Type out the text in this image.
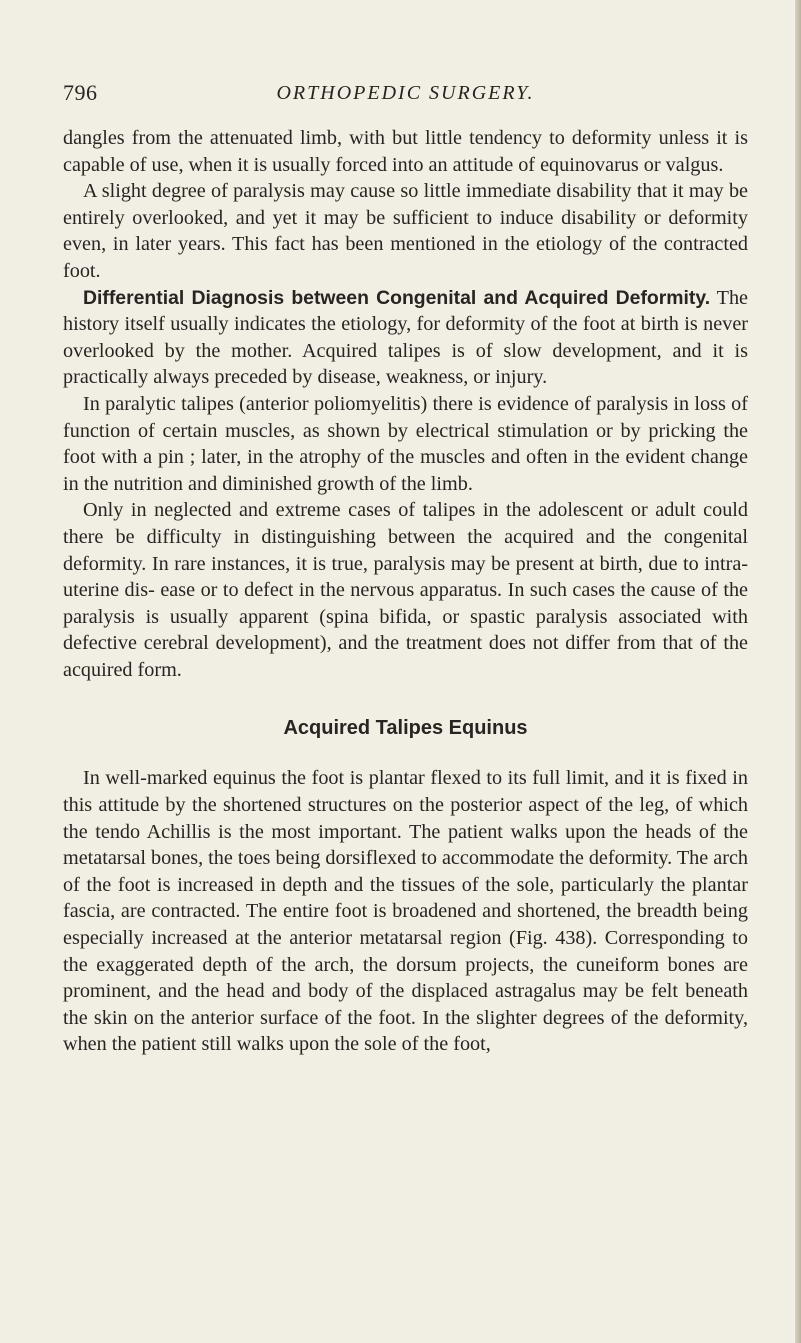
796	ORTHOPEDIC SURGERY.

dangles from the attenuated limb, with but little tendency to deformity unless it is capable of use, when it is usually forced into an attitude of equinovarus or valgus.

A slight degree of paralysis may cause so little immediate disability that it may be entirely overlooked, and yet it may be sufficient to induce disability or deformity even, in later years. This fact has been mentioned in the etiology of the contracted foot.

Differential Diagnosis between Congenital and Acquired Deformity. The history itself usually indicates the etiology, for deformity of the foot at birth is never overlooked by the mother. Acquired talipes is of slow development, and it is practically always preceded by disease, weakness, or injury.

In paralytic talipes (anterior poliomyelitis) there is evidence of paralysis in loss of function of certain muscles, as shown by electrical stimulation or by pricking the foot with a pin ; later, in the atrophy of the muscles and often in the evident change in the nutrition and diminished growth of the limb.

Only in neglected and extreme cases of talipes in the adolescent or adult could there be difficulty in distinguishing between the acquired and the congenital deformity. In rare instances, it is true, paralysis may be present at birth, due to intra-uterine dis- ease or to defect in the nervous apparatus. In such cases the cause of the paralysis is usually apparent (spina bifida, or spastic paralysis associated with defective cerebral development), and the treatment does not differ from that of the acquired form.

Acquired Talipes Equinus

In well-marked equinus the foot is plantar flexed to its full limit, and it is fixed in this attitude by the shortened structures on the posterior aspect of the leg, of which the tendo Achillis is the most important. The patient walks upon the heads of the metatarsal bones, the toes being dorsiflexed to accommodate the deformity. The arch of the foot is increased in depth and the tissues of the sole, particularly the plantar fascia, are contracted. The entire foot is broadened and shortened, the breadth being especially increased at the anterior metatarsal region (Fig. 438). Corresponding to the exaggerated depth of the arch, the dorsum projects, the cuneiform bones are prominent, and the head and body of the displaced astragalus may be felt beneath the skin on the anterior surface of the foot. In the slighter degrees of the deformity, when the patient still walks upon the sole of the foot,
